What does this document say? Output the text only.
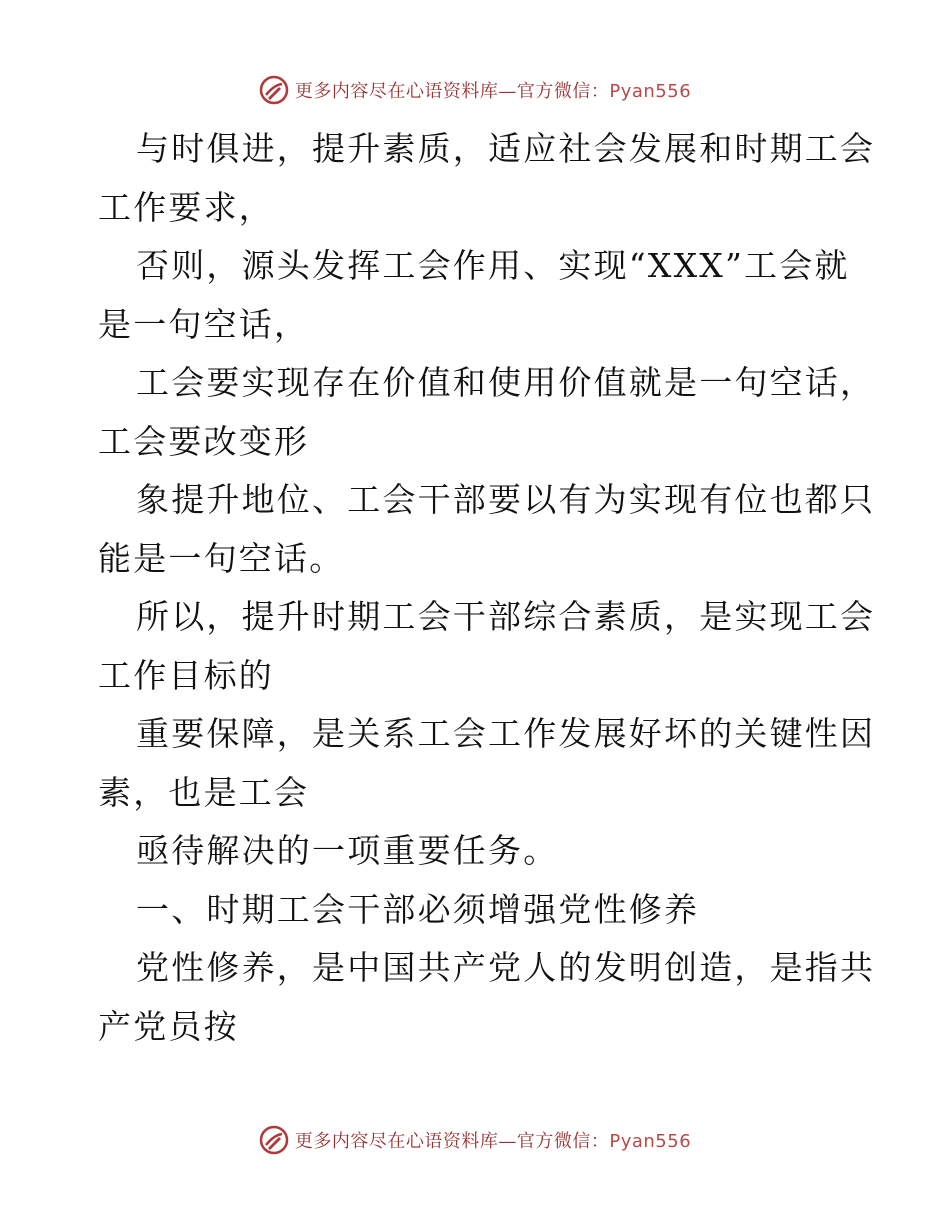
更多内容尽在心语资料库—官方微信：Pyan556
与时俱进，提升素质，适应社会发展和时期工会
工作要求，
否则，源头发挥工会作用、实现“XXX”工会就
是一句空话，
工会要实现存在价值和使用价值就是一句空话，
工会要改变形
象提升地位、工会干部要以有为实现有位也都只
能是一句空话。
所以，提升时期工会干部综合素质，是实现工会
工作目标的
重要保障，是关系工会工作发展好坏的关键性因
素，也是工会
亟待解决的一项重要任务。
一、时期工会干部必须增强党性修养
党性修养，是中国共产党人的发明创造，是指共
产党员按
更多内容尽在心语资料库—官方微信：Pyan556
